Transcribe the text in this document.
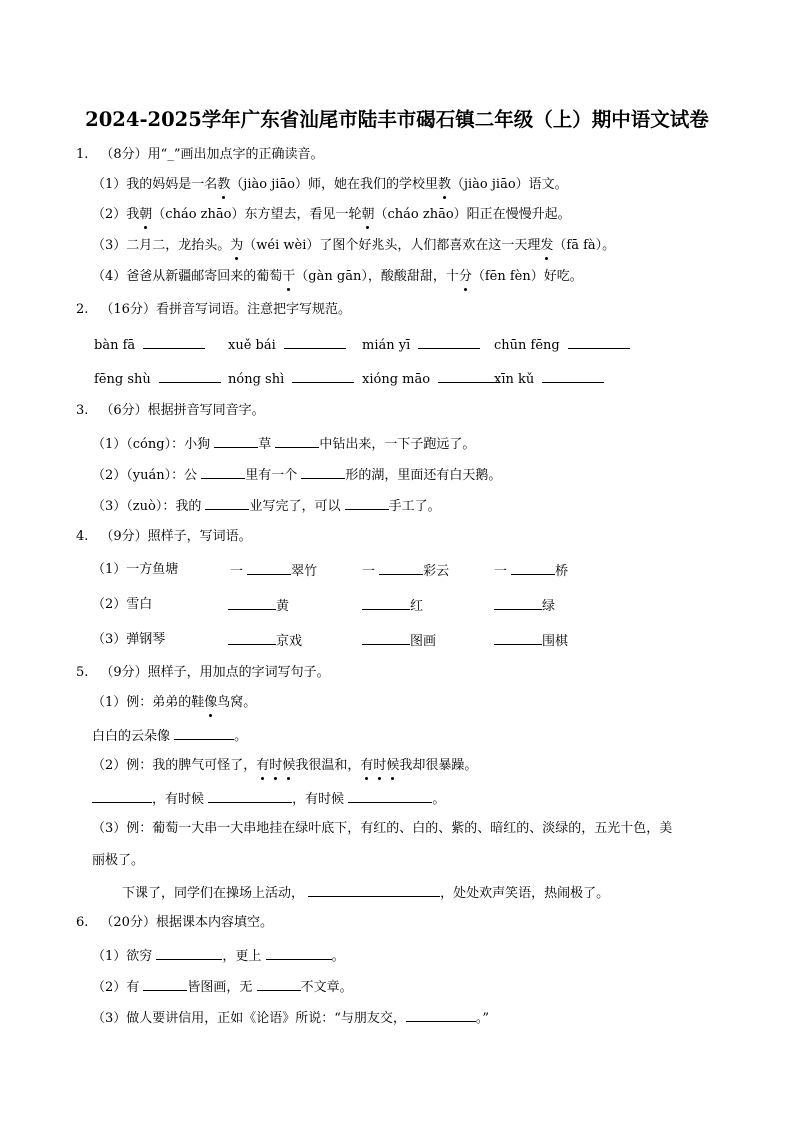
2024-2025学年广东省汕尾市陆丰市碣石镇二年级（上）期中语文试卷
1. （8分）用“_”画出加点字的正确读音。
（1）我的妈妈是一名教（jiào jiāo）师，她在我们的学校里教（jiào jiāo）语文。
（2）我朝（cháo zhāo）东方望去，看见一轮朝（cháo zhāo）阳正在慢慢升起。
（3）二月二，龙抬头。为（wéi wèi）了图个好兆头，人们都喜欢在这一天理发（fā fà）。
（4）爸爸从新疆邮寄回来的葡萄干（gàn gān），酸酸甜甜，十分（fēn fèn）好吃。
2. （16分）看拼音写词语。注意把字写规范。
bàn fā	xuě bái	mián yī	chūn fēng
fēng shù	nóng shì	xióng māo	xīn kǔ
3. （6分）根据拼音写同音字。
（1）（cóng）：小狗	草	中钻出来，一下子跑远了。
（2）（yuán）：公	里有一个	形的湖，里面还有白天鹅。
（3）（zuò）：我的	业写完了，可以	手工了。
4. （9分）照样子，写词语。
（1）一方鱼塘	一	翠竹	一	彩云	一	桥
（2）雪白	黄	红	绿
（3）弹钢琴	京戏	图画	围棋
5. （9分）照样子，用加点的字词写句子。
（1）例：弟弟的鞋像鸟窝。
白白的云朵像	。
（2）例：我的脾气可怪了，有时候我很温和，有时候我却很暴躁。
，有时候	，有时候	。
（3）例：葡萄一大串一大串地挂在绿叶底下，有红的、白的、紫的、暗红的、淡绿的，五光十色，美
丽极了。
下课了，同学们在操场上活动，	，处处欢声笑语，热闹极了。
6. （20分）根据课本内容填空。
（1）欲穷	，更上	。
（2）有	皆图画，无	不文章。
（3）做人要讲信用，正如《论语》所说：“与朋友交，	。”
